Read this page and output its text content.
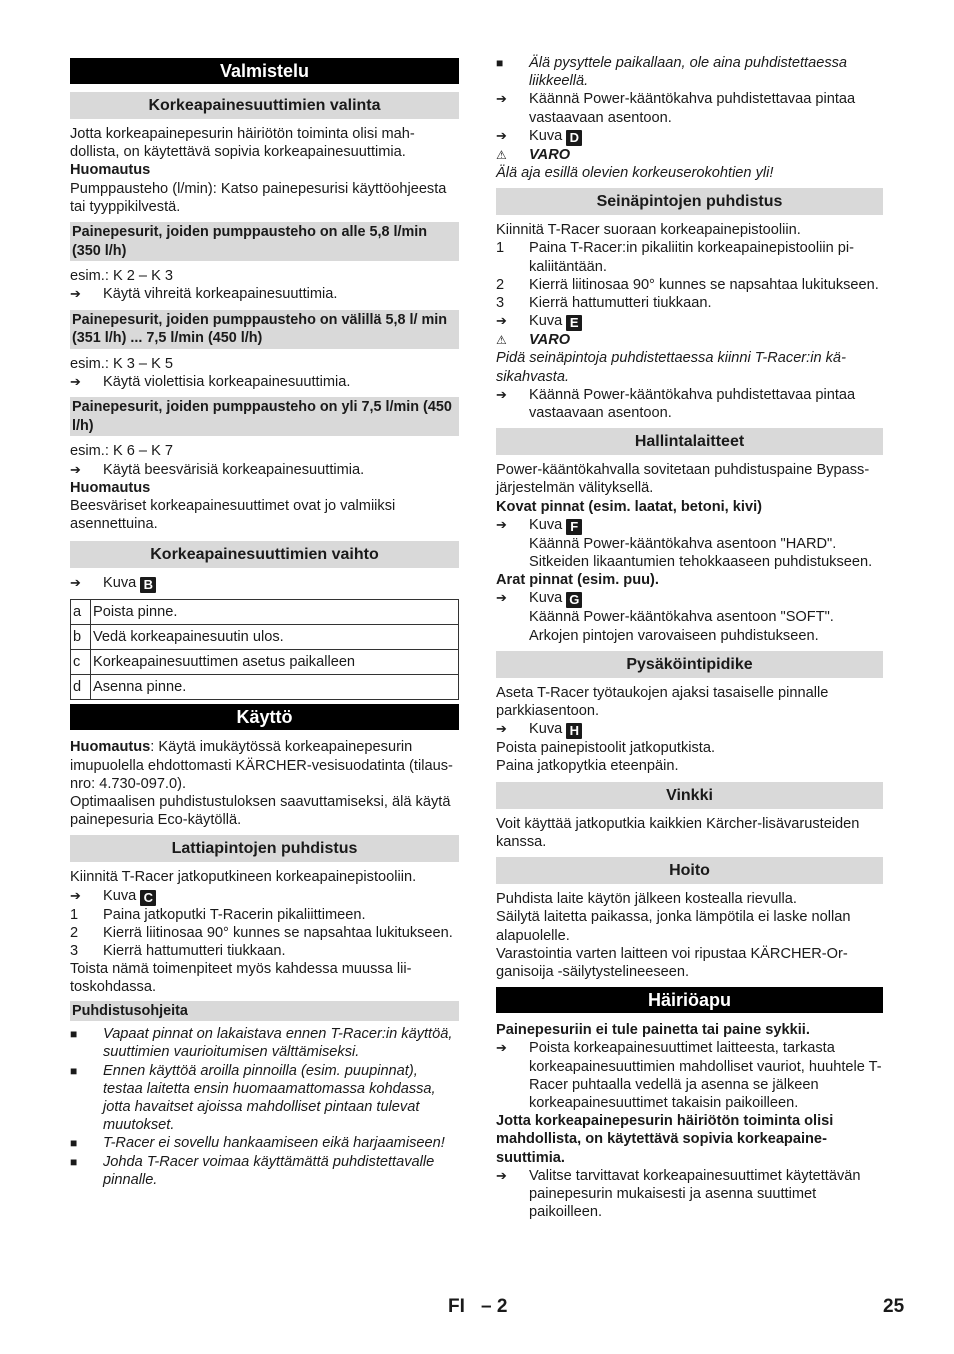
Valmistelu
Korkeapainesuuttimien valinta
Jotta korkeapainepesurin häiriötön toiminta olisi mahdollista, on käytettävä sopivia korkeapainesuuttimia.
Huomautus
Pumppausteho (l/min): Katso painepesurisi käyttöohjeesta tai tyyppikilvestä.
Painepesurit, joiden pumppausteho on alle 5,8 l/min (350 l/h)
esim.: K 2 – K 3
➔	Käytä vihreitä korkeapainesuuttimia.
Painepesurit, joiden pumppausteho on välillä 5,8 l/ min (351 l/h) ... 7,5 l/min (450 l/h)
esim.: K 3 – K 5
➔	Käytä violettisia korkeapainesuuttimia.
Painepesurit, joiden pumppausteho on yli 7,5 l/min (450 l/h)
esim.: K 6 – K 7
➔	Käytä beesvärisiä korkeapainesuuttimia.
Huomautus
Beesväriset korkeapainesuuttimet ovat jo valmiiksi asennettuina.
Korkeapainesuuttimien vaihto
➔	Kuva B
a	Poista pinne.
b	Vedä korkeapainesuutin ulos.
c	Korkeapainesuuttimen asetus paikalleen
d	Asenna pinne.
Käyttö
Huomautus: Käytä imukäytössä korkeapainepesurin imupuolella ehdottomasti KÄRCHER-vesisuodatinta (tilaus-nro: 4.730-097.0).
Optimaalisen puhdistustuloksen saavuttamiseksi, älä käytä painepesuria Eco-käytöllä.
Lattiapintojen puhdistus
Kiinnitä T-Racer jatkoputkineen korkeapainepistooliin.
➔	Kuva C
1	Paina jatkoputki T-Racerin pikaliittimeen.
2	Kierrä liitinosaa 90° kunnes se napsahtaa lukitukseen.
3	Kierrä hattumutteri tiukkaan.
Toista nämä toimenpiteet myös kahdessa muussa liitoskohdassa.
Puhdistusohjeita
■	Vapaat pinnat on lakaistava ennen T-Racer:in käyttöä, suuttimien vaurioitumisen välttämiseksi.
■	Ennen käyttöä aroilla pinnoilla (esim. puupinnat), testaa laitetta ensin huomaamattomassa kohdassa, jotta havaitset ajoissa mahdolliset pintaan tulevat muutokset.
■	T-Racer ei sovellu hankaamiseen eikä harjaamiseen!
■	Johda T-Racer voimaa käyttämättä puhdistettavalle pinnalle.
■	Älä pysyttele paikallaan, ole aina puhdistettaessa liikkeellä.
➔	Käännä Power-kääntökahva puhdistettavaa pintaa vastaavaan asentoon.
➔	Kuva D
⚠	VARO
Älä aja esillä olevien korkeuserokohtien yli!
Seinäpintojen puhdistus
Kiinnitä T-Racer suoraan korkeapainepistooliin.
1	Paina T-Racer:in pikaliitin korkeapainepistooliin pikaliitäntään.
2	Kierrä liitinosaa 90° kunnes se napsahtaa lukitukseen.
3	Kierrä hattumutteri tiukkaan.
➔	Kuva E
⚠	VARO
Pidä seinäpintoja puhdistettaessa kiinni T-Racer:in käsikahvasta.
➔	Käännä Power-kääntökahva puhdistettavaa pintaa vastaavaan asentoon.
Hallintalaitteet
Power-kääntökahvalla sovitetaan puhdistuspaine Bypass-järjestelmän välityksellä.
Kovat pinnat (esim. laatat, betoni, kivi)
➔	Kuva F
Käännä Power-kääntökahva asentoon "HARD". Sitkeiden likaantumien tehokkaaseen puhdistukseen.
Arat pinnat (esim. puu).
➔	Kuva G
Käännä Power-kääntökahva asentoon "SOFT". Arkojen pintojen varovaiseen puhdistukseen.
Pysäköintipidike
Aseta T-Racer työtaukojen ajaksi tasaiselle pinnalle parkkiasentoon.
➔	Kuva H
Poista painepistoolit jatkoputkista.
Paina jatkopytkia eteenpäin.
Vinkki
Voit käyttää jatkoputkia kaikkien Kärcher-lisävarusteiden kanssa.
Hoito
Puhdista laite käytön jälkeen kostealla rievulla.
Säilytä laitetta paikassa, jonka lämpötila ei laske nollan alapuolelle.
Varastointia varten laitteen voi ripustaa KÄRCHER-Organisoija -säilytystelineeseen.
Häiriöapu
Painepesuriin ei tule painetta tai paine sykkii.
➔	Poista korkeapainesuuttimet laitteesta, tarkasta korkeapainesuuttimien mahdolliset vauriot, huuhtele T-Racer puhtaalla vedellä ja asenna se jälkeen korkeapainesuuttimet takaisin paikoilleen.
Jotta korkeapainepesurin häiriötön toiminta olisi mahdollista, on käytettävä sopivia korkeapainesuuttimia.
➔	Valitse tarvittavat korkeapainesuuttimet käytettävän painepesurin mukaisesti ja asenna suuttimet paikoilleen.
FI – 2	25
